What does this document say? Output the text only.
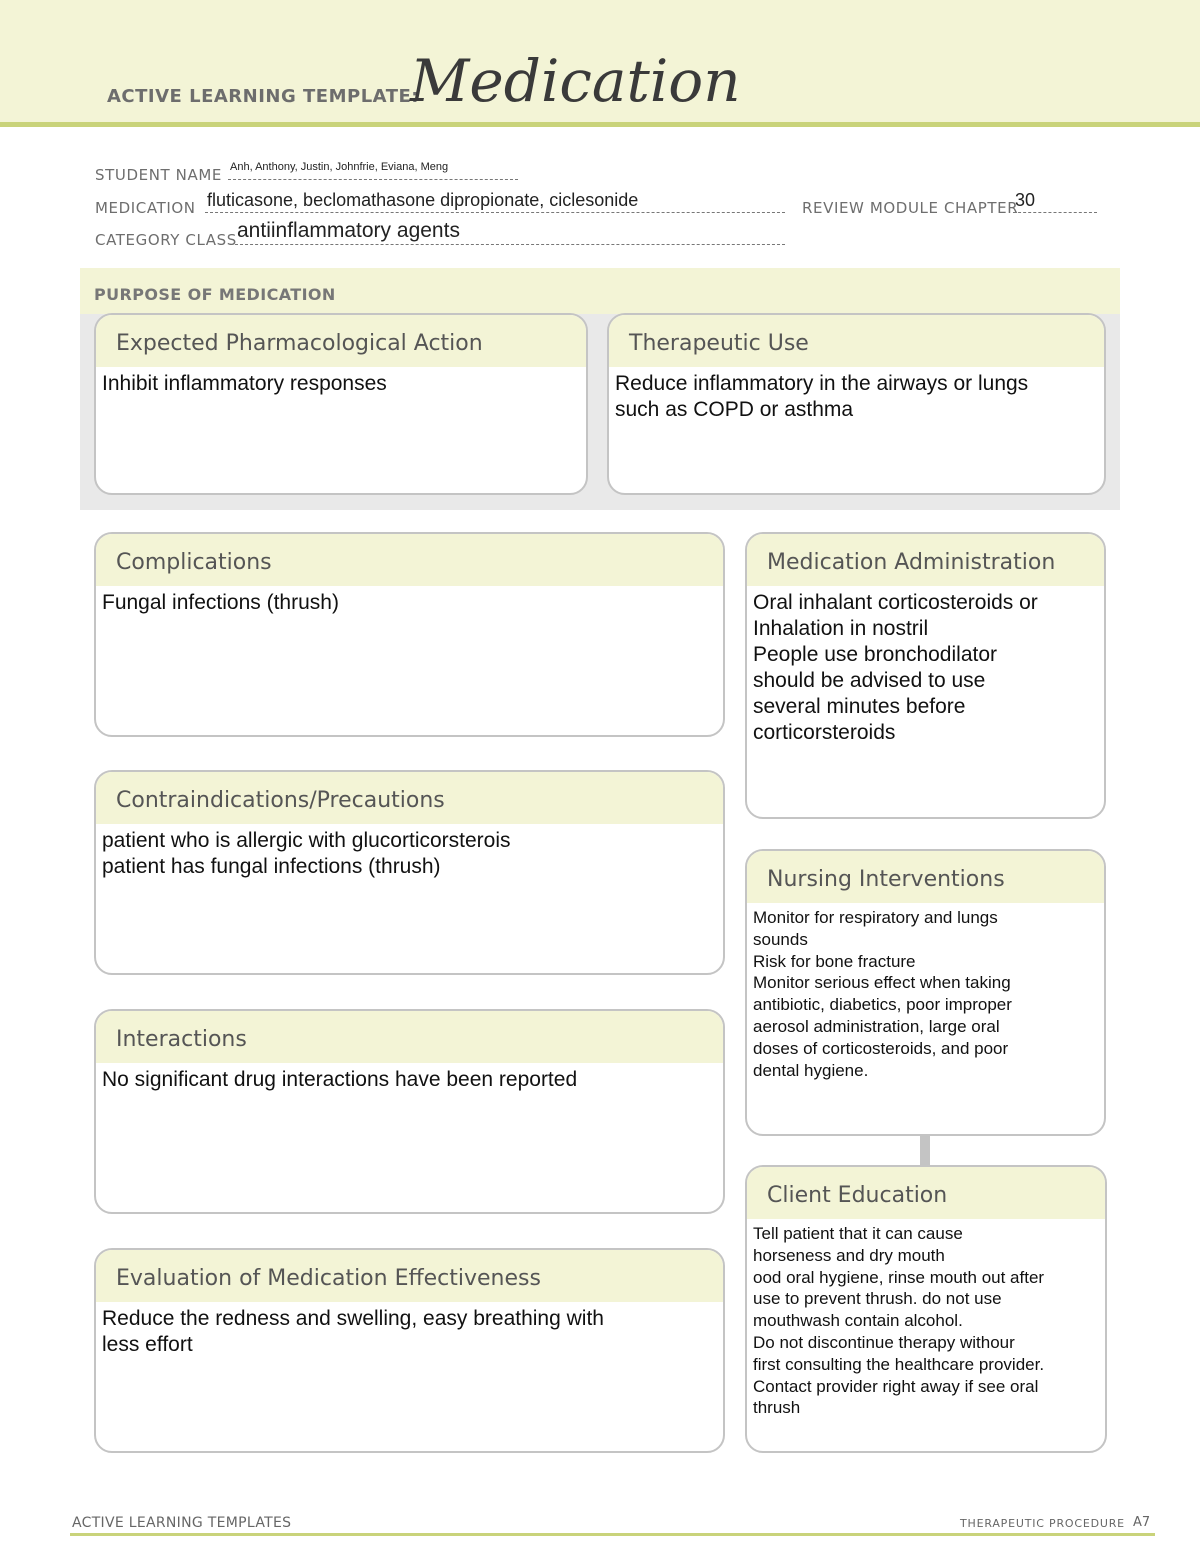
ACTIVE LEARNING TEMPLATE:
Medication
STUDENT NAME Anh, Anthony, Justin, Johnfrie, Eviana, Meng
MEDICATION fluticasone, beclomathasone dipropionate, ciclesonide	REVIEW MODULE CHAPTER
30
CATEGORY CLASS antiinflammatory agents
PURPOSE OF MEDICATION
Expected Pharmacological Action
Inhibit inflammatory responses
Therapeutic Use
Reduce inflammatory in the airways or lungs
such as COPD or asthma
Complications
Fungal infections (thrush)
Contraindications/Precautions
patient who is allergic with glucorticorsterois
patient has fungal infections (thrush)
Interactions
No significant drug interactions have been reported
Evaluation of Medication Effectiveness
Reduce the redness and swelling, easy breathing with
less effort
Medication Administration
Oral inhalant corticosteroids or
Inhalation in nostril
People use bronchodilator
should be advised to use
several minutes before
corticorsteroids
Nursing Interventions
Monitor for respiratory and lungs
sounds
Risk for bone fracture
Monitor serious effect when taking
antibiotic, diabetics, poor improper
aerosol administration, large oral
doses of corticosteroids, and poor
dental hygiene.
Client Education
Tell patient that it can cause
horseness and dry mouth
ood oral hygiene, rinse mouth out after
use to prevent thrush. do not use
mouthwash contain alcohol.
Do not discontinue therapy withour
first consulting the healthcare provider.
Contact provider right away if see oral
thrush
ACTIVE LEARNING TEMPLATES	THERAPEUTIC PROCEDURE A7
